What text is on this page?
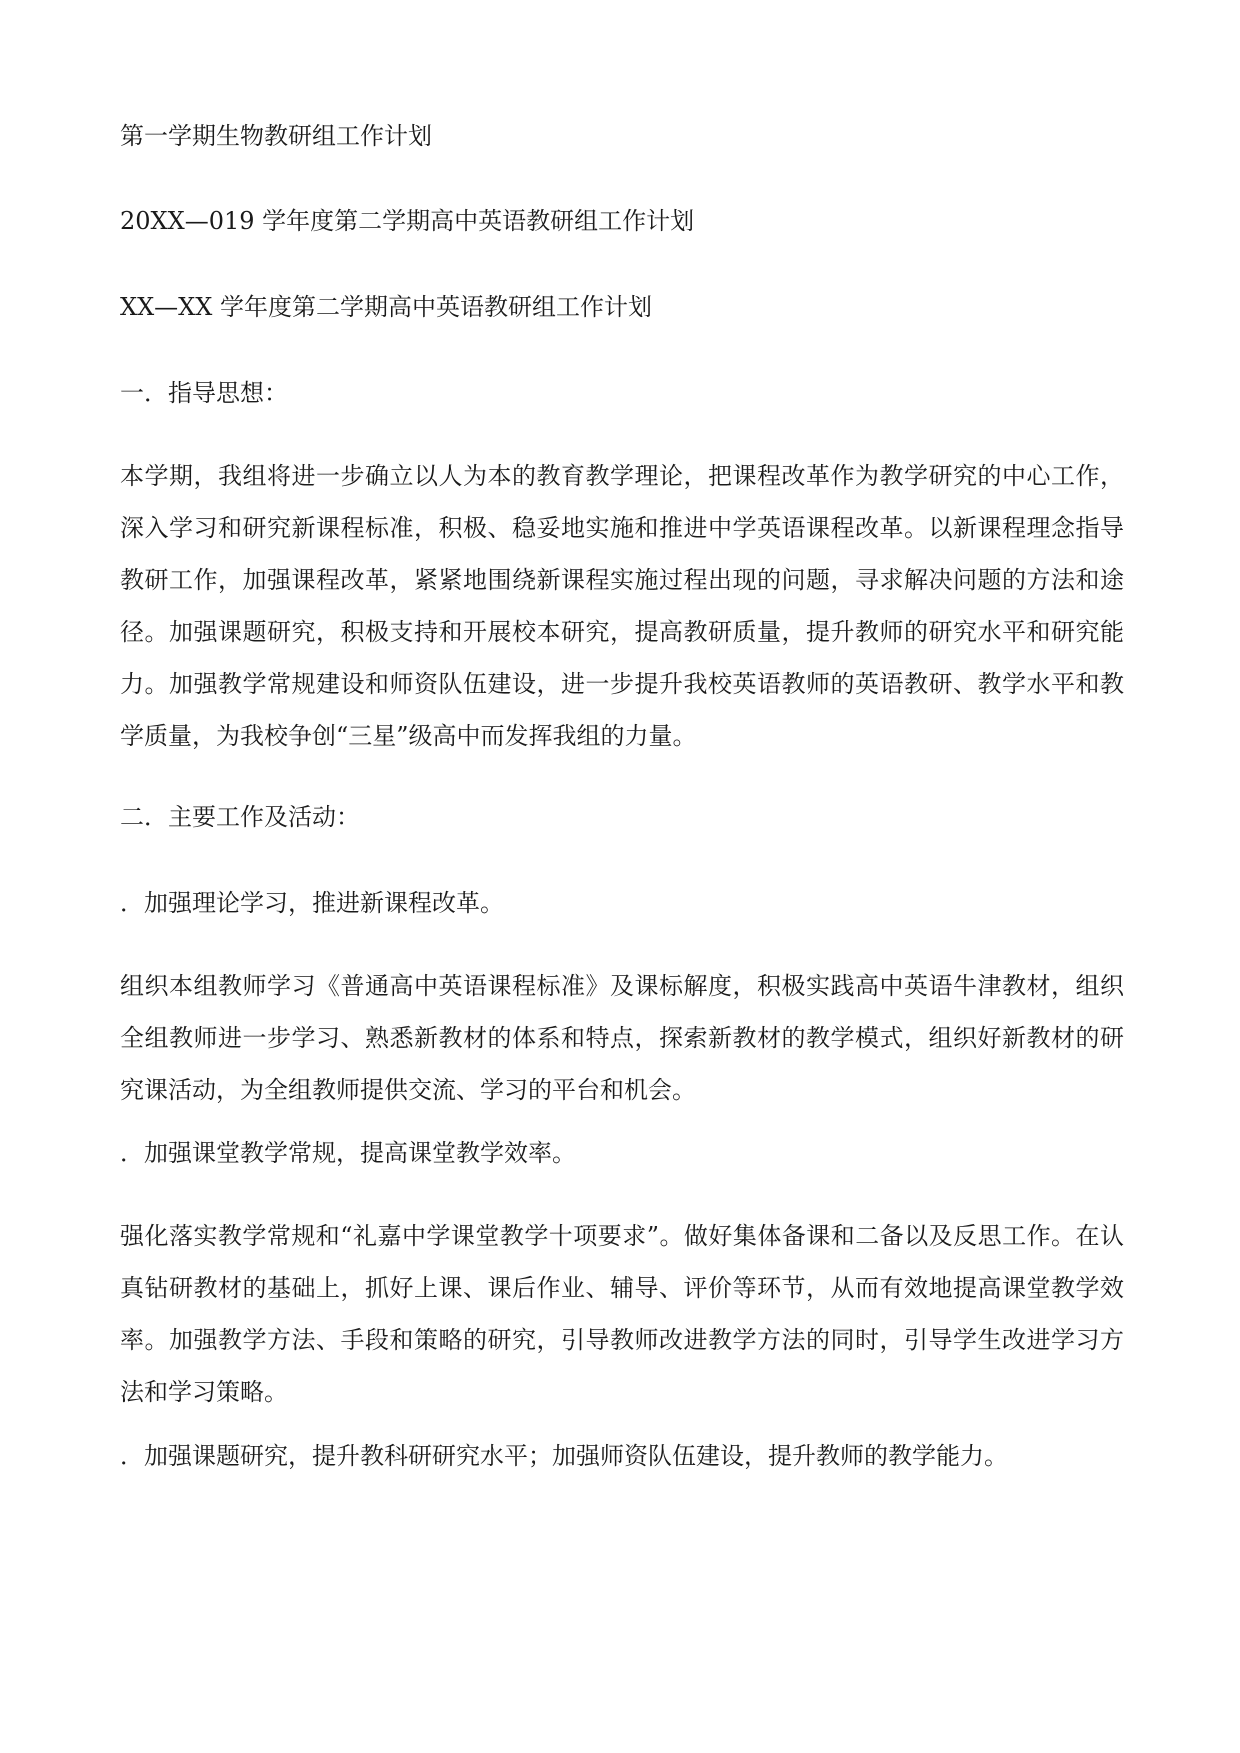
第一学期生物教研组工作计划

20XX—019 学年度第二学期高中英语教研组工作计划

XX—XX 学年度第二学期高中英语教研组工作计划

一．指导思想：

本学期，我组将进一步确立以人为本的教育教学理论，把课程改革作为教学研究的中心工作，深入学习和研究新课程标准，积极、稳妥地实施和推进中学英语课程改革。以新课程理念指导教研工作，加强课程改革，紧紧地围绕新课程实施过程出现的问题，寻求解决问题的方法和途径。加强课题研究，积极支持和开展校本研究，提高教研质量，提升教师的研究水平和研究能力。加强教学常规建设和师资队伍建设，进一步提升我校英语教师的英语教研、教学水平和教学质量，为我校争创“三星”级高中而发挥我组的力量。

二．主要工作及活动：

．加强理论学习，推进新课程改革。

组织本组教师学习《普通高中英语课程标准》及课标解度，积极实践高中英语牛津教材，组织全组教师进一步学习、熟悉新教材的体系和特点，探索新教材的教学模式，组织好新教材的研究课活动，为全组教师提供交流、学习的平台和机会。

．加强课堂教学常规，提高课堂教学效率。

强化落实教学常规和“礼嘉中学课堂教学十项要求”。做好集体备课和二备以及反思工作。在认真钻研教材的基础上，抓好上课、课后作业、辅导、评价等环节，从而有效地提高课堂教学效率。加强教学方法、手段和策略的研究，引导教师改进教学方法的同时，引导学生改进学习方法和学习策略。

．加强课题研究，提升教科研研究水平；加强师资队伍建设，提升教师的教学能力。
